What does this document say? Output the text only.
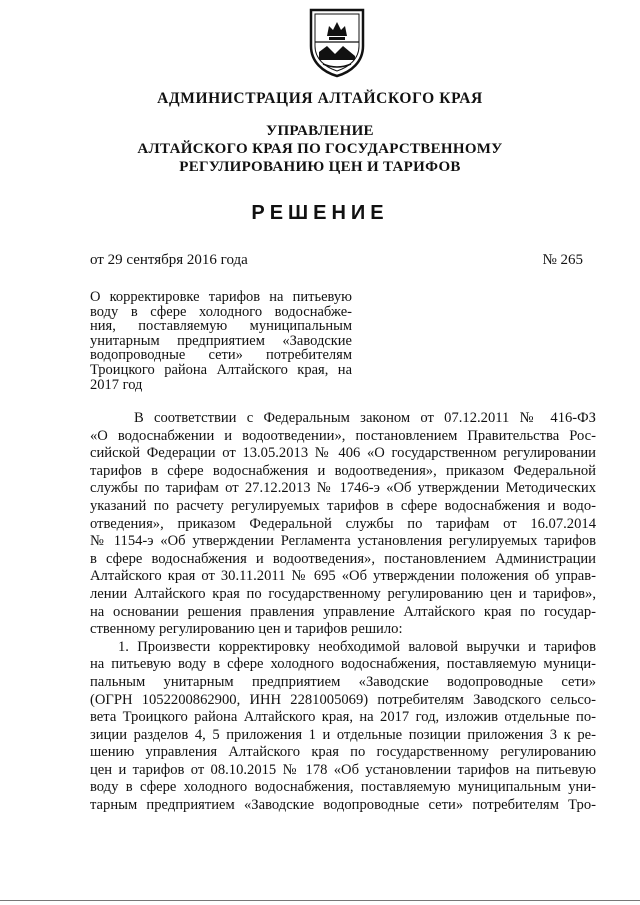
АДМИНИСТРАЦИЯ АЛТАЙСКОГО КРАЯ
УПРАВЛЕНИЕ
АЛТАЙСКОГО КРАЯ ПО ГОСУДАРСТВЕННОМУ
РЕГУЛИРОВАНИЮ ЦЕН И ТАРИФОВ
РЕШЕНИЕ
от 29 сентября 2016 года	№ 265
О корректировке тарифов на питьевую
воду в сфере холодного водоснабже-
ния, поставляемую муниципальным
унитарным предприятием «Заводские
водопроводные сети» потребителям
Троицкого района Алтайского края, на
2017 год
В соответствии с Федеральным законом от 07.12.2011 № 416-ФЗ
«О водоснабжении и водоотведении», постановлением Правительства Рос-
сийской Федерации от 13.05.2013 № 406 «О государственном регулировании
тарифов в сфере водоснабжения и водоотведения», приказом Федеральной
службы по тарифам от 27.12.2013 № 1746-э «Об утверждении Методических
указаний по расчету регулируемых тарифов в сфере водоснабжения и водо-
отведения», приказом Федеральной службы по тарифам от 16.07.2014
№ 1154-э «Об утверждении Регламента установления регулируемых тарифов
в сфере водоснабжения и водоотведения», постановлением Администрации
Алтайского края от 30.11.2011 № 695 «Об утверждении положения об управ-
лении Алтайского края по государственному регулированию цен и тарифов»,
на основании решения правления управление Алтайского края по государ-
ственному регулированию цен и тарифов решило:
1. Произвести корректировку необходимой валовой выручки и тарифов
на питьевую воду в сфере холодного водоснабжения, поставляемую муници-
пальным унитарным предприятием «Заводские водопроводные сети»
(ОГРН 1052200862900, ИНН 2281005069) потребителям Заводского сельсо-
вета Троицкого района Алтайского края, на 2017 год, изложив отдельные по-
зиции разделов 4, 5 приложения 1 и отдельные позиции приложения 3 к ре-
шению управления Алтайского края по государственному регулированию
цен и тарифов от 08.10.2015 № 178 «Об установлении тарифов на питьевую
воду в сфере холодного водоснабжения, поставляемую муниципальным уни-
тарным предприятием «Заводские водопроводные сети» потребителям Тро-
